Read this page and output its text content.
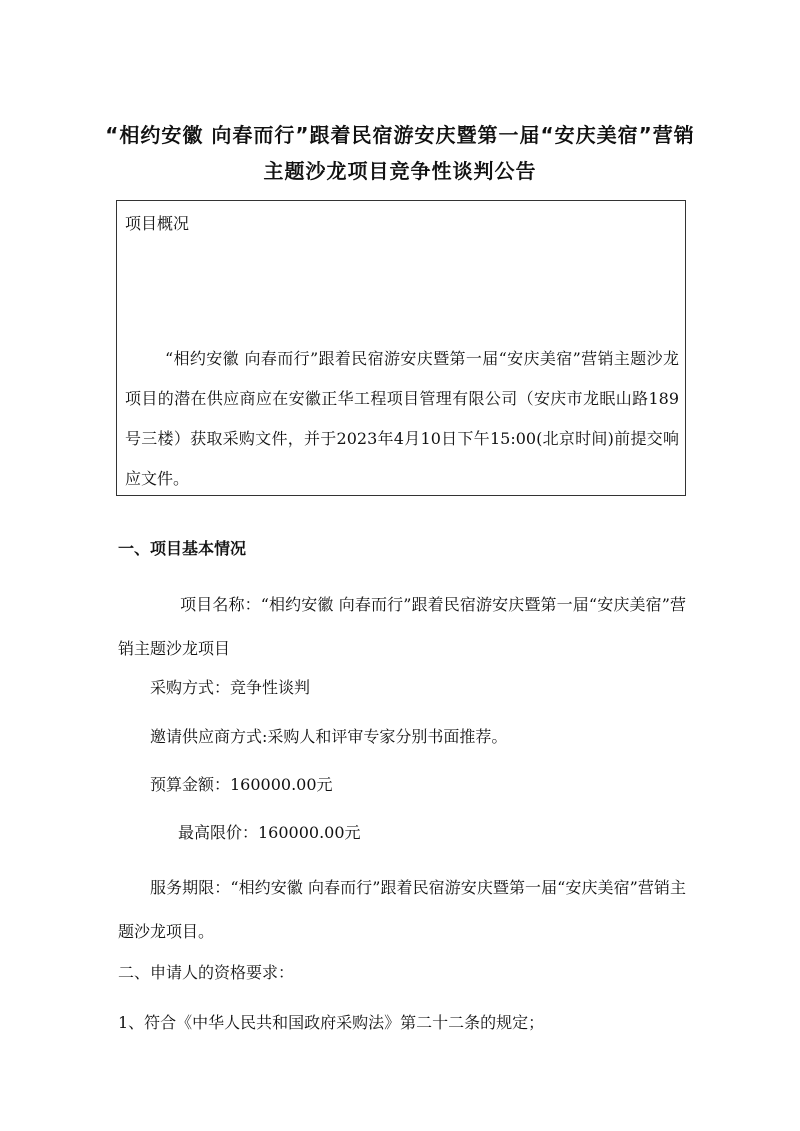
“相约安徽 向春而行”跟着民宿游安庆暨第一届“安庆美宿”营销主题沙龙项目竞争性谈判公告

项目概况

“相约安徽 向春而行”跟着民宿游安庆暨第一届“安庆美宿”营销主题沙龙项目的潜在供应商应在安徽正华工程项目管理有限公司（安庆市龙眠山路189号三楼）获取采购文件，并于2023年4月10日下午15:00(北京时间)前提交响应文件。

一、项目基本情况

项目名称：“相约安徽 向春而行”跟着民宿游安庆暨第一届“安庆美宿”营销主题沙龙项目

采购方式：竞争性谈判

邀请供应商方式:采购人和评审专家分别书面推荐。

预算金额：160000.00元

最高限价：160000.00元

服务期限：“相约安徽 向春而行”跟着民宿游安庆暨第一届“安庆美宿”营销主题沙龙项目。

二、申请人的资格要求：

1、符合《中华人民共和国政府采购法》第二十二条的规定；
